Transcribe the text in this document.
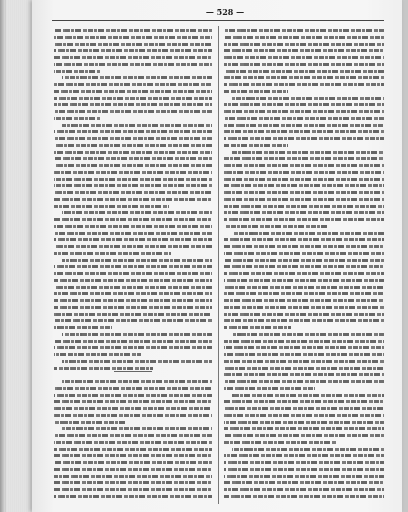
— 528 —
